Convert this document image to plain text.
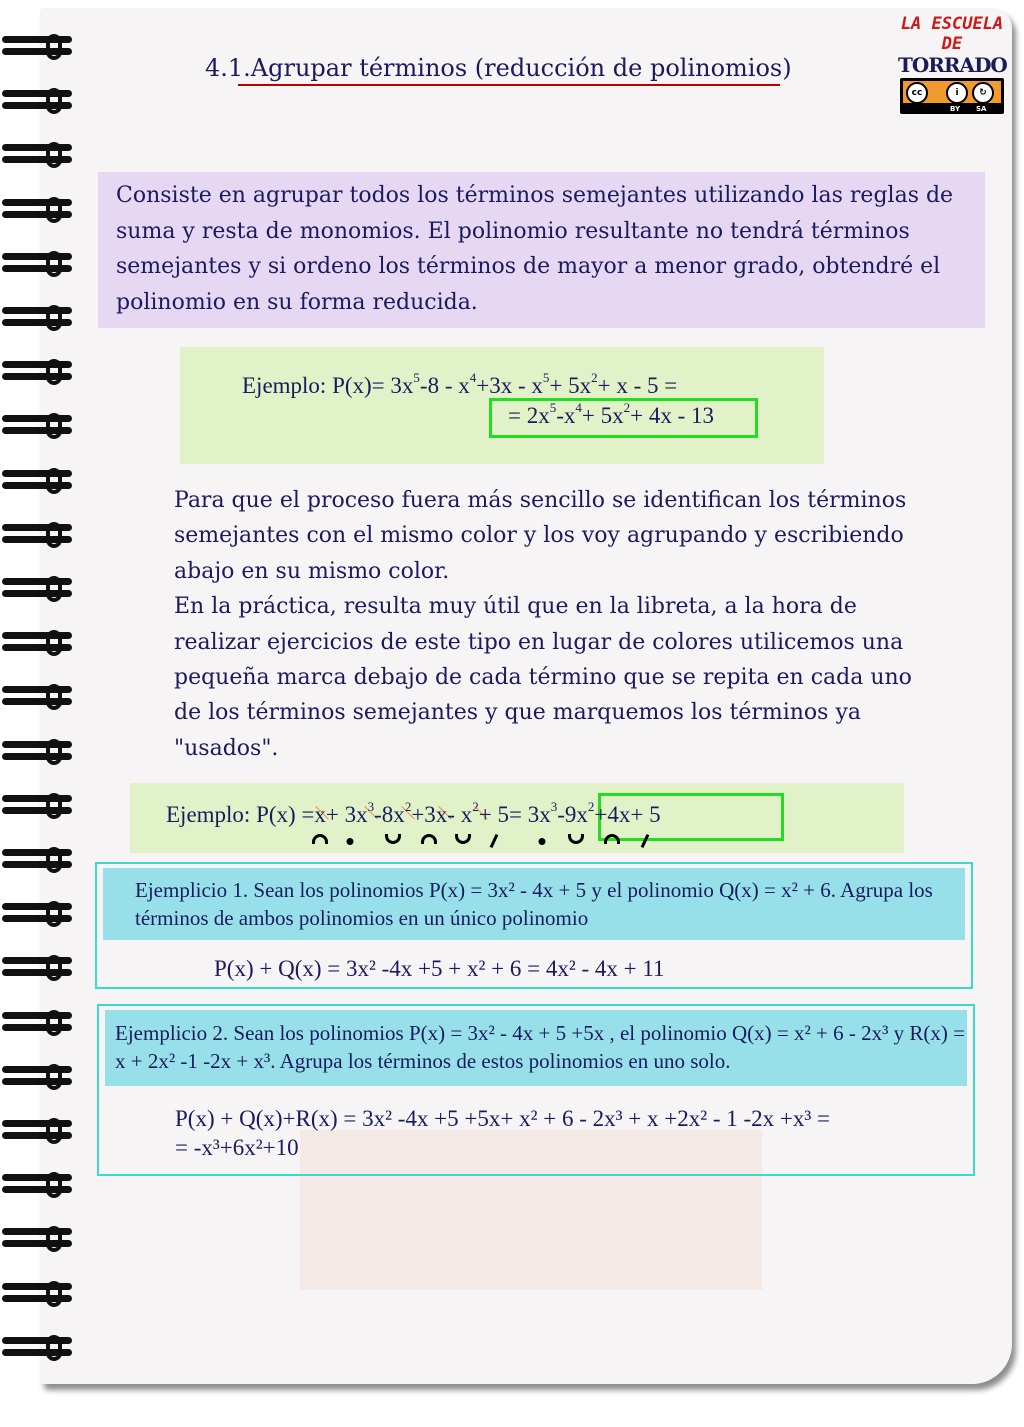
4.1.Agrupar términos (reducción de polinomios)
LA ESCUELA
DE
TORRADO
cc	i	↻
BY SA

Consiste en agrupar todos los términos semejantes utilizando las reglas de suma y resta de monomios. El polinomio resultante no tendrá términos semejantes y si ordeno los términos de mayor a menor grado, obtendré el polinomio en su forma reducida.

Ejemplo: $P(x)= 3x^5-8 - x^4+3x - x^5+ 5x^2+ x - 5$ =
= $2x^5-x^4+ 5x^2+ 4x - 13$

Para que el proceso fuera más sencillo se identifican los términos semejantes con el mismo color y los voy agrupando y escribiendo abajo en su mismo color.

En la práctica, resulta muy útil que en la libreta, a la hora de realizar ejercicios de este tipo en lugar de colores utilicemos una pequeña marca debajo de cada término que se repita en cada uno de los términos semejantes y que marquemos los términos ya "usados".

Ejemplo: P(x) =
x
+ $3x^3$
$-8x^2$
+3x
- $x^2$
+ 5
= $3x^3$
$-9x^2$
+4x
+ 5
Ejemplicio 1. Sean los polinomios P(x) = 3x² - 4x + 5 y el polinomio Q(x) = x² + 6. Agrupa los términos de ambos polinomios en un único polinomio
P(x) + Q(x) = 3x² -4x +5 + x² + 6 = 4x² - 4x + 11
Ejemplicio 2. Sean los polinomios P(x) = 3x² - 4x + 5 +5x , el polinomio Q(x) = x² + 6 - 2x³ y R(x) = x + 2x² -1 -2x + x³. Agrupa los términos de estos polinomios en uno solo.
P(x) + Q(x)+R(x) = 3x² -4x +5 +5x+ x² + 6 - 2x³ + x +2x² - 1 -2x +x³ =
= -x³+6x²+10
